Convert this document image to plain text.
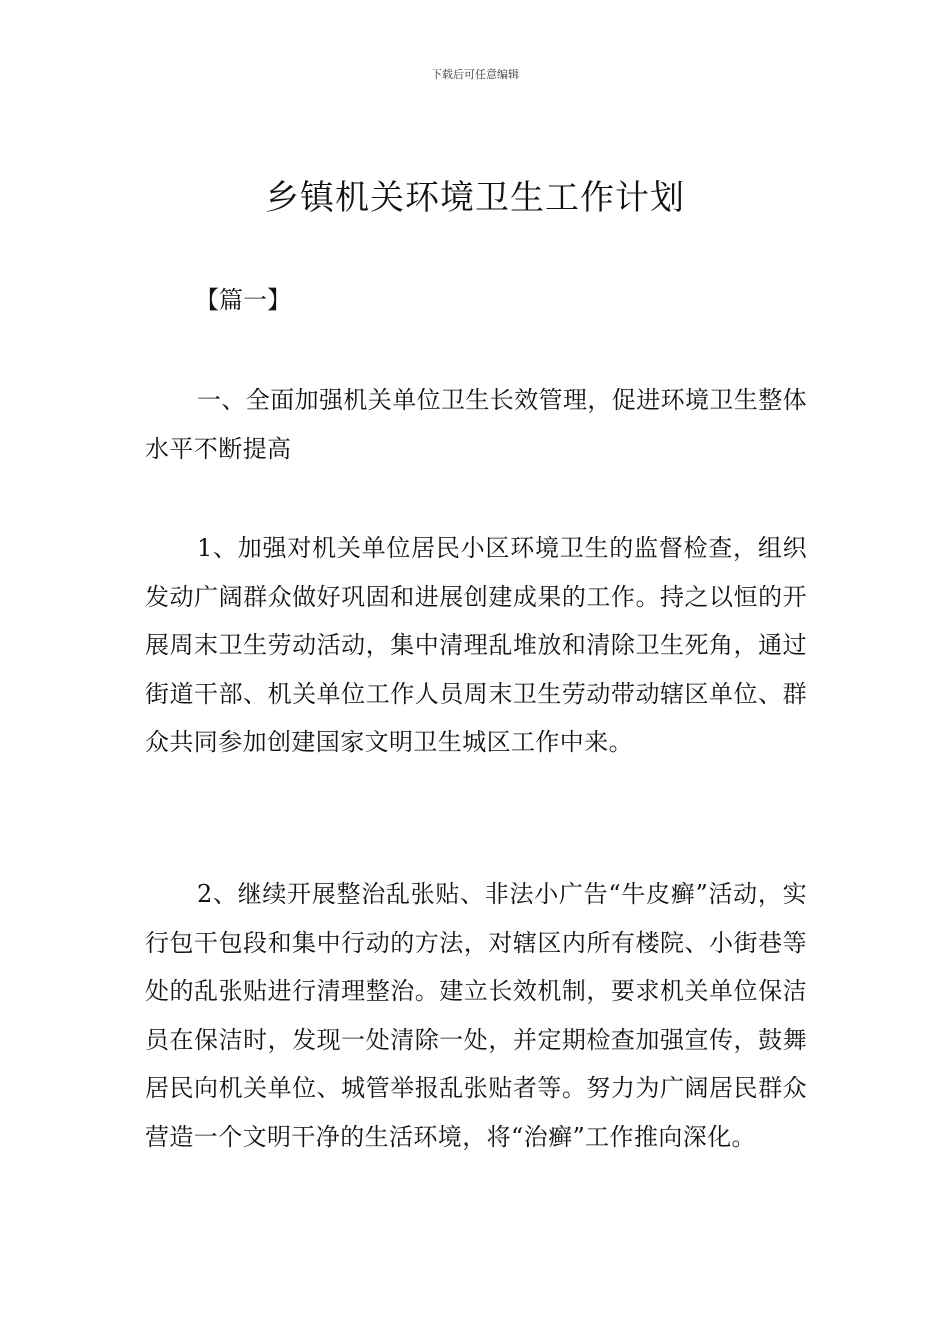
下载后可任意编辑
乡镇机关环境卫生工作计划
【篇一】

一、全面加强机关单位卫生长效管理，促进环境卫生整体水平不断提高

1、加强对机关单位居民小区环境卫生的监督检查，组织发动广阔群众做好巩固和进展创建成果的工作。持之以恒的开展周末卫生劳动活动，集中清理乱堆放和清除卫生死角，通过街道干部、机关单位工作人员周末卫生劳动带动辖区单位、群众共同参加创建国家文明卫生城区工作中来。

2、继续开展整治乱张贴、非法小广告“牛皮癣”活动，实行包干包段和集中行动的方法，对辖区内所有楼院、小街巷等处的乱张贴进行清理整治。建立长效机制，要求机关单位保洁员在保洁时，发现一处清除一处，并定期检查加强宣传，鼓舞居民向机关单位、城管举报乱张贴者等。努力为广阔居民群众营造一个文明干净的生活环境，将“治癣”工作推向深化。
